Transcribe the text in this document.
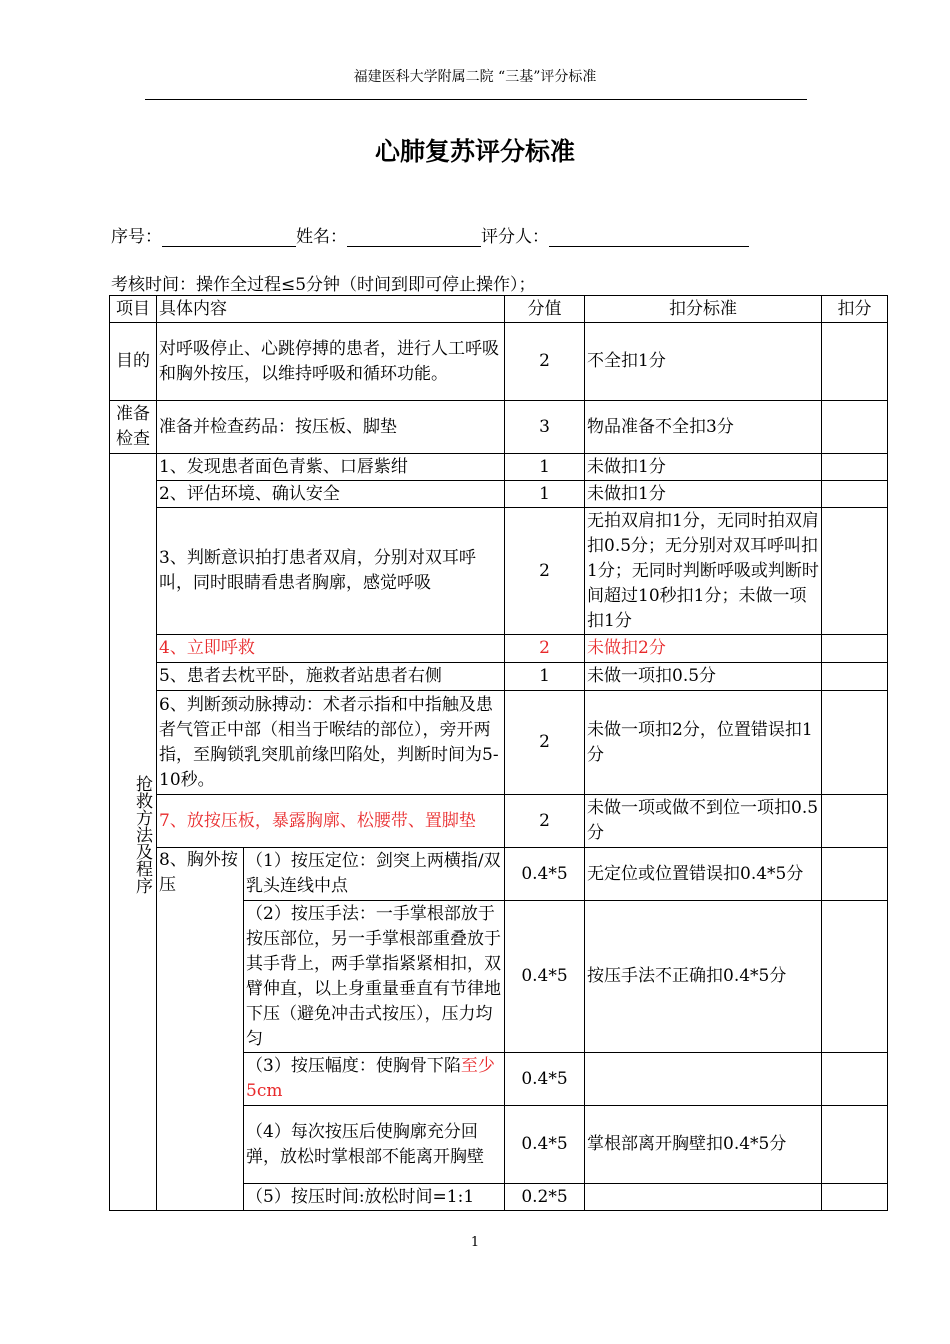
福建医科大学附属二院 “三基”评分标准
心肺复苏评分标准
序号：	姓名：	评分人：
考核时间：操作全过程≤5分钟（时间到即可停止操作）；
项目	具体内容		分值	扣分标准	扣分
目的	对呼吸停止、心跳停搏的患者，进行人工呼吸和胸外按压，以维持呼吸和循环功能。		2	不全扣1分	
准备检查	准备并检查药品：按压板、脚垫		3	物品准备不全扣3分	
抢救方法及程序	1、发现患者面色青紫、口唇紫绀		1	未做扣1分	
	2、评估环境、确认安全		1	未做扣1分	
	3、判断意识拍打患者双肩，分别对双耳呼叫，同时眼睛看患者胸廓，感觉呼吸		2	无拍双肩扣1分，无同时拍双肩扣0.5分；无分别对双耳呼叫扣1分；无同时判断呼吸或判断时间超过10秒扣1分；未做一项扣1分	
	4、立即呼救		2	未做扣2分	
	5、患者去枕平卧，施救者站患者右侧		1	未做一项扣0.5分	
	6、判断颈动脉搏动：术者示指和中指触及患者气管正中部（相当于喉结的部位），旁开两指，至胸锁乳突肌前缘凹陷处，判断时间为5-10秒。		2	未做一项扣2分，位置错误扣1分	
	7、放按压板，暴露胸廓、松腰带、置脚垫		2	未做一项或做不到位一项扣0.5分	
	8、胸外按压	（1）按压定位：剑突上两横指/双乳头连线中点	0.4*5	无定位或位置错误扣0.4*5分	
		（2）按压手法：一手掌根部放于按压部位，另一手掌根部重叠放于其手背上，两手掌指紧紧相扣，双臂伸直，以上身重量垂直有节律地下压（避免冲击式按压），压力均匀	0.4*5	按压手法不正确扣0.4*5分	
		（3）按压幅度：使胸骨下陷至少5cm	0.4*5		
		（4）每次按压后使胸廓充分回弹，放松时掌根部不能离开胸壁	0.4*5	掌根部离开胸壁扣0.4*5分	
		（5）按压时间:放松时间=1:1	0.2*5		
1
